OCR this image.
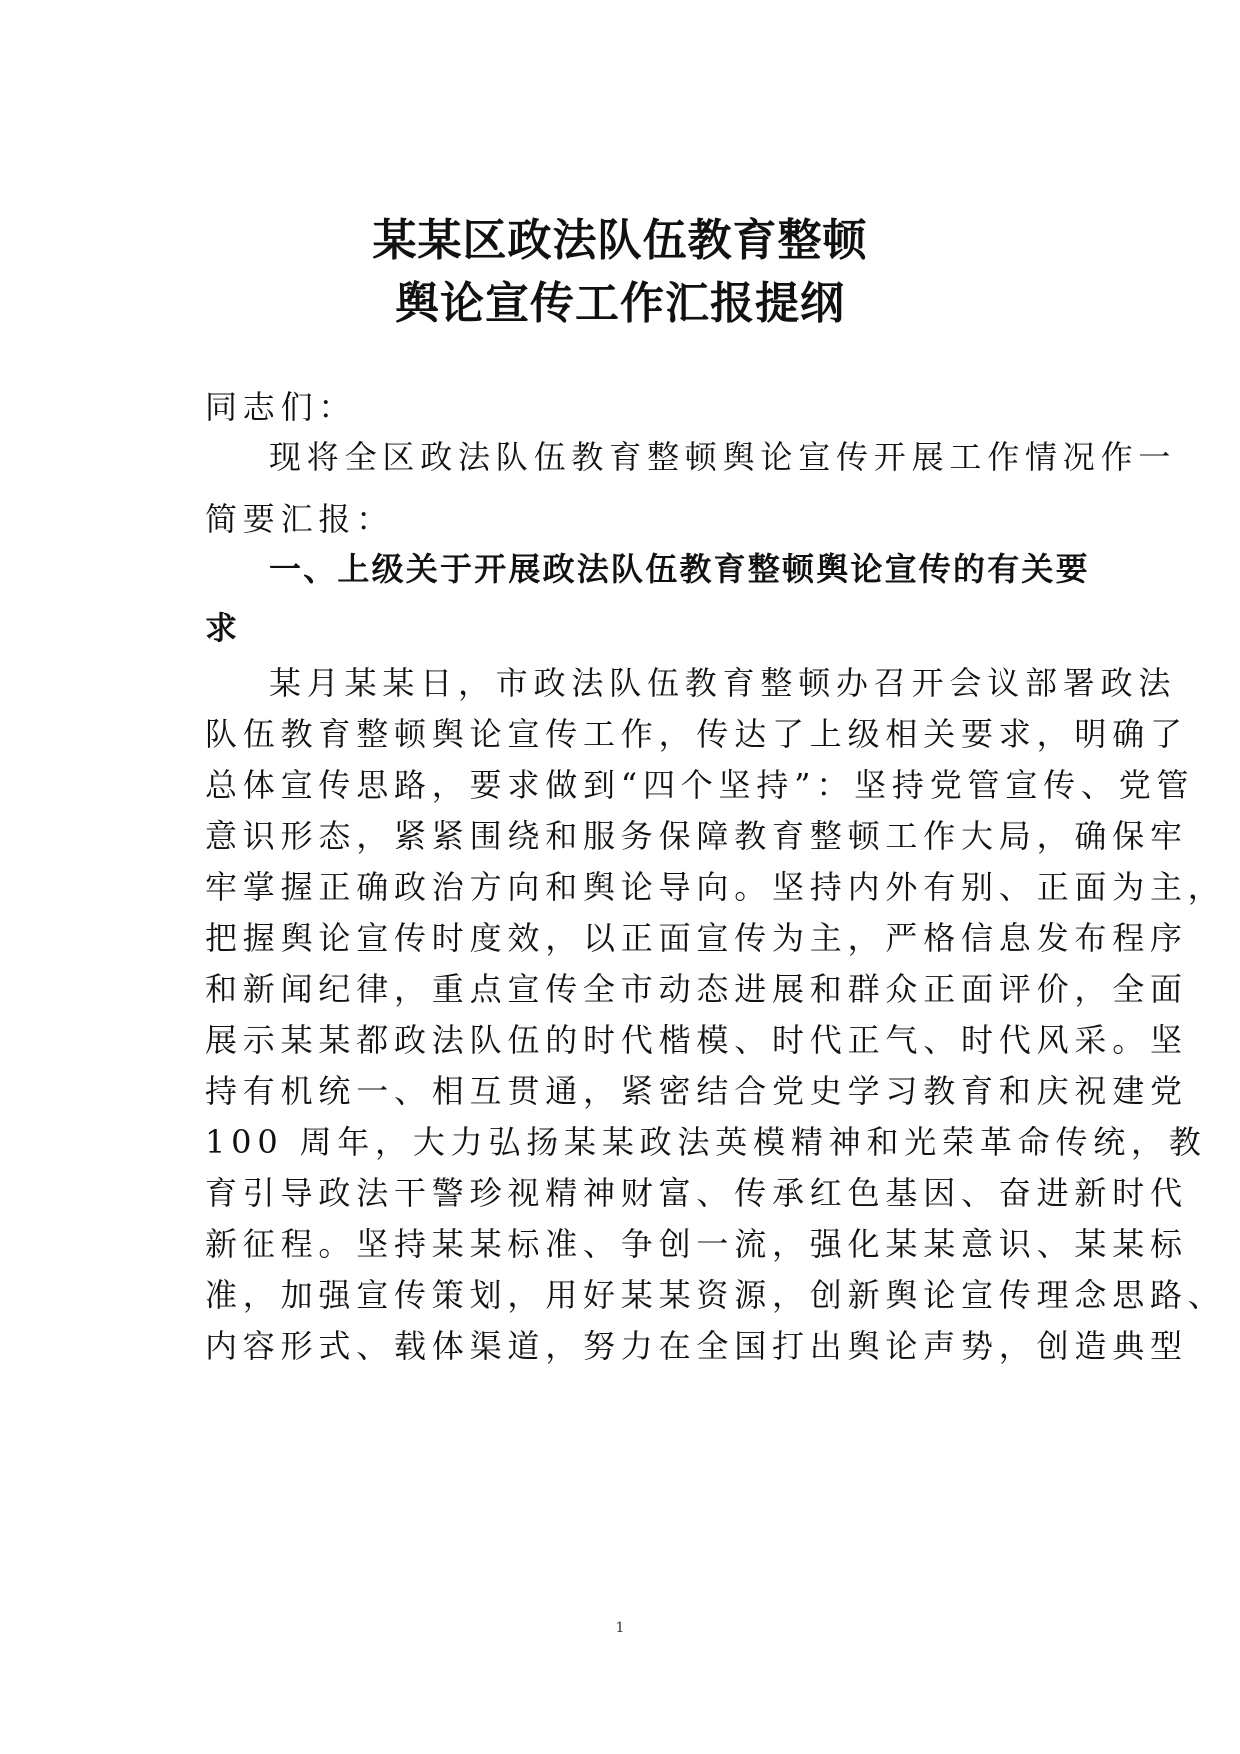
某某区政法队伍教育整顿
舆论宣传工作汇报提纲
同志们：
现将全区政法队伍教育整顿舆论宣传开展工作情况作一
简要汇报：
一、上级关于开展政法队伍教育整顿舆论宣传的有关要
求
某月某某日，市政法队伍教育整顿办召开会议部署政法
队伍教育整顿舆论宣传工作，传达了上级相关要求，明确了
总体宣传思路，要求做到“四个坚持”：坚持党管宣传、党管
意识形态，紧紧围绕和服务保障教育整顿工作大局，确保牢
牢掌握正确政治方向和舆论导向。坚持内外有别、正面为主，
把握舆论宣传时度效，以正面宣传为主，严格信息发布程序
和新闻纪律，重点宣传全市动态进展和群众正面评价，全面
展示某某都政法队伍的时代楷模、时代正气、时代风采。坚
持有机统一、相互贯通，紧密结合党史学习教育和庆祝建党
100 周年，大力弘扬某某政法英模精神和光荣革命传统，教
育引导政法干警珍视精神财富、传承红色基因、奋进新时代
新征程。坚持某某标准、争创一流，强化某某意识、某某标
准，加强宣传策划，用好某某资源，创新舆论宣传理念思路、
内容形式、载体渠道，努力在全国打出舆论声势，创造典型
1
